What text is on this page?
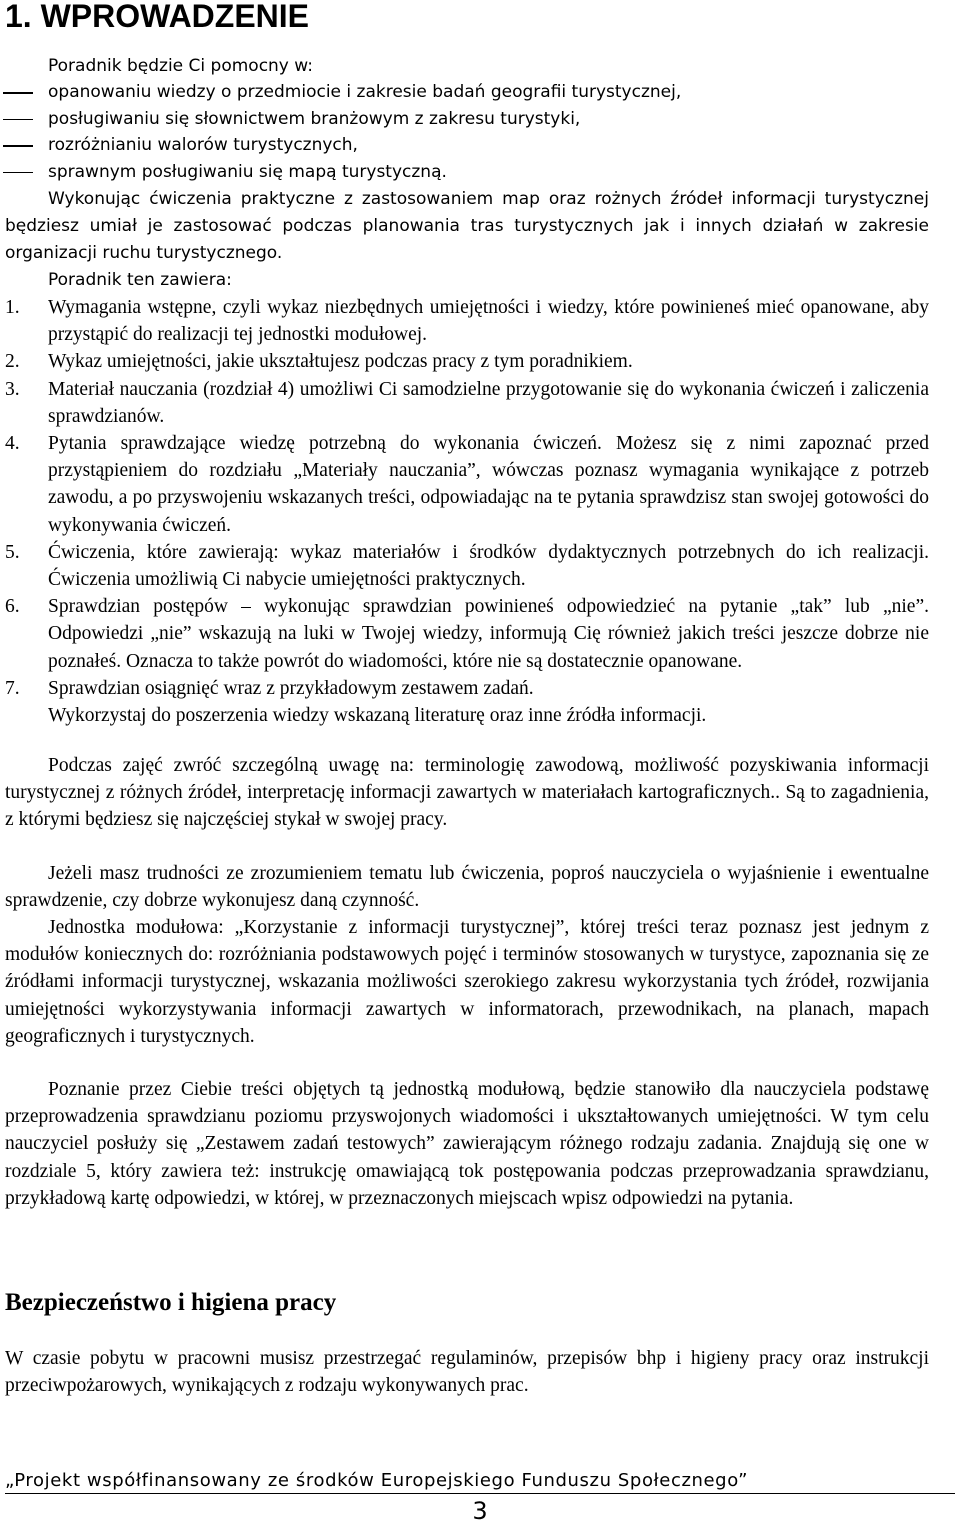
1. WPROWADZENIE
Poradnik będzie Ci pomocny w:
opanowaniu wiedzy o przedmiocie i zakresie badań geografii turystycznej,
posługiwaniu się słownictwem branżowym z zakresu turystyki,
rozróżnianiu walorów turystycznych,
sprawnym posługiwaniu się mapą turystyczną.
Wykonując ćwiczenia praktyczne z zastosowaniem map oraz rożnych źródeł informacji turystycznej będziesz umiał je zastosować podczas planowania tras turystycznych jak i innych działań w zakresie organizacji ruchu turystycznego.
Poradnik ten zawiera:
1. Wymagania wstępne, czyli wykaz niezbędnych umiejętności i wiedzy, które powinieneś mieć opanowane, aby przystąpić do realizacji tej jednostki modułowej.
2. Wykaz umiejętności, jakie ukształtujesz podczas pracy z tym poradnikiem.
3. Materiał nauczania (rozdział 4) umożliwi Ci samodzielne przygotowanie się do wykonania ćwiczeń i zaliczenia sprawdzianów.
4. Pytania sprawdzające wiedzę potrzebną do wykonania ćwiczeń. Możesz się z nimi zapoznać przed przystąpieniem do rozdziału „Materiały nauczania”, wówczas poznasz wymagania wynikające z potrzeb zawodu, a po przyswojeniu wskazanych treści, odpowiadając na te pytania sprawdzisz stan swojej gotowości do wykonywania ćwiczeń.
5. Ćwiczenia, które zawierają: wykaz materiałów i środków dydaktycznych potrzebnych do ich realizacji. Ćwiczenia umożliwią Ci nabycie umiejętności praktycznych.
6. Sprawdzian postępów – wykonując sprawdzian powinieneś odpowiedzieć na pytanie „tak” lub „nie”. Odpowiedzi „nie” wskazują na luki w Twojej wiedzy, informują Cię również jakich treści jeszcze dobrze nie poznałeś. Oznacza to także powrót do wiadomości, które nie są dostatecznie opanowane.
7. Sprawdzian osiągnięć wraz z przykładowym zestawem zadań.
Wykorzystaj do poszerzenia wiedzy wskazaną literaturę oraz inne źródła informacji.
Podczas zajęć zwróć szczególną uwagę na: terminologię zawodową, możliwość pozyskiwania informacji turystycznej z różnych źródeł, interpretację informacji zawartych w materiałach kartograficznych.. Są to zagadnienia, z którymi będziesz się najczęściej stykał w swojej pracy.
Jeżeli masz trudności ze zrozumieniem tematu lub ćwiczenia, poproś nauczyciela o wyjaśnienie i ewentualne sprawdzenie, czy dobrze wykonujesz daną czynność.
Jednostka modułowa: „Korzystanie z informacji turystycznej”, której treści teraz poznasz jest jednym z modułów koniecznych do: rozróżniania podstawowych pojęć i terminów stosowanych w turystyce, zapoznania się ze źródłami informacji turystycznej, wskazania możliwości szerokiego zakresu wykorzystania tych źródeł, rozwijania umiejętności wykorzystywania informacji zawartych w informatorach, przewodnikach, na planach, mapach geograficznych i turystycznych.
Poznanie przez Ciebie treści objętych tą jednostką modułową, będzie stanowiło dla nauczyciela podstawę przeprowadzenia sprawdzianu poziomu przyswojonych wiadomości i ukształtowanych umiejętności. W tym celu nauczyciel posłuży się „Zestawem zadań testowych” zawierającym różnego rodzaju zadania. Znajdują się one w rozdziale 5, który zawiera też: instrukcję omawiającą tok postępowania podczas przeprowadzania sprawdzianu, przykładową kartę odpowiedzi, w której, w przeznaczonych miejscach wpisz odpowiedzi na pytania.
Bezpieczeństwo i higiena pracy
W czasie pobytu w pracowni musisz przestrzegać regulaminów, przepisów bhp i higieny pracy oraz instrukcji przeciwpożarowych, wynikających z rodzaju wykonywanych prac.
„Projekt współfinansowany ze środków Europejskiego Funduszu Społecznego”
3
